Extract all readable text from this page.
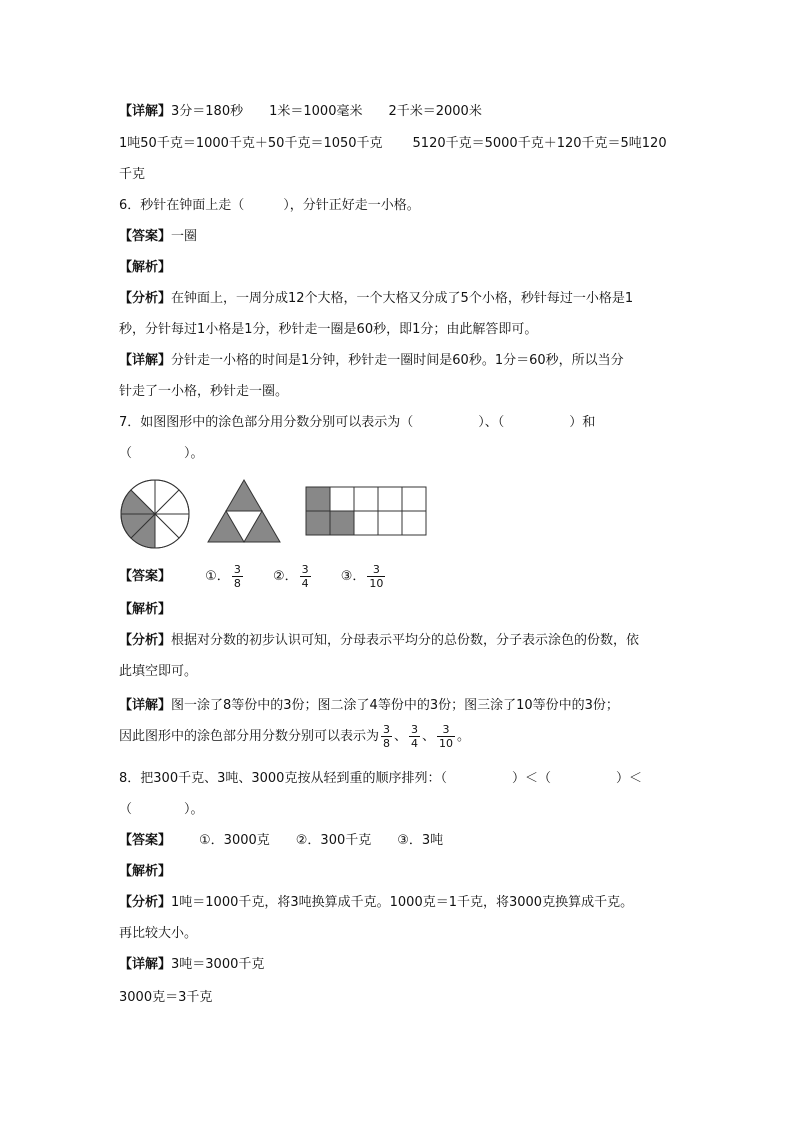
【详解】3分＝180秒 1米＝1000毫米 2千米＝2000米
1吨50千克＝1000千克＋50千克＝1050千克 5120千克＝5000千克＋120千克＝5吨120
千克
6．秒针在钟面上走（　　　），分针正好走一小格。
【答案】一圈
【解析】
【分析】在钟面上，一周分成12个大格，一个大格又分成了5个小格，秒针每过一小格是1
秒，分针每过1小格是1分，秒针走一圈是60秒，即1分；由此解答即可。
【详解】分针走一小格的时间是1分钟，秒针走一圈时间是60秒。1分＝60秒，所以当分
针走了一小格，秒针走一圈。
7．如图图形中的涂色部分用分数分别可以表示为（　　　　　）、（　　　　　）和
（　　　　）。
【答案】	①． $\frac{3}{8}$ ②． $\frac{3}{4}$ ③． $\frac{3}{10}$
【解析】
【分析】根据对分数的初步认识可知，分母表示平均分的总份数，分子表示涂色的份数，依
此填空即可。
【详解】图一涂了8等份中的3份；图二涂了4等份中的3份；图三涂了10等份中的3份；
因此图形中的涂色部分用分数分别可以表示为 $\frac{3}{8}$ 、 $\frac{3}{4}$ 、 $\frac{3}{10}$ 。
8．把300千克、3吨、3000克按从轻到重的顺序排列：（　　　　　）＜（　　　　　）＜
（　　　　）。
【答案】 ①．3000克 ②．300千克 ③．3吨
【解析】
【分析】1吨＝1000千克，将3吨换算成千克。1000克＝1千克，将3000克换算成千克。
再比较大小。
【详解】3吨＝3000千克
3000克＝3千克
